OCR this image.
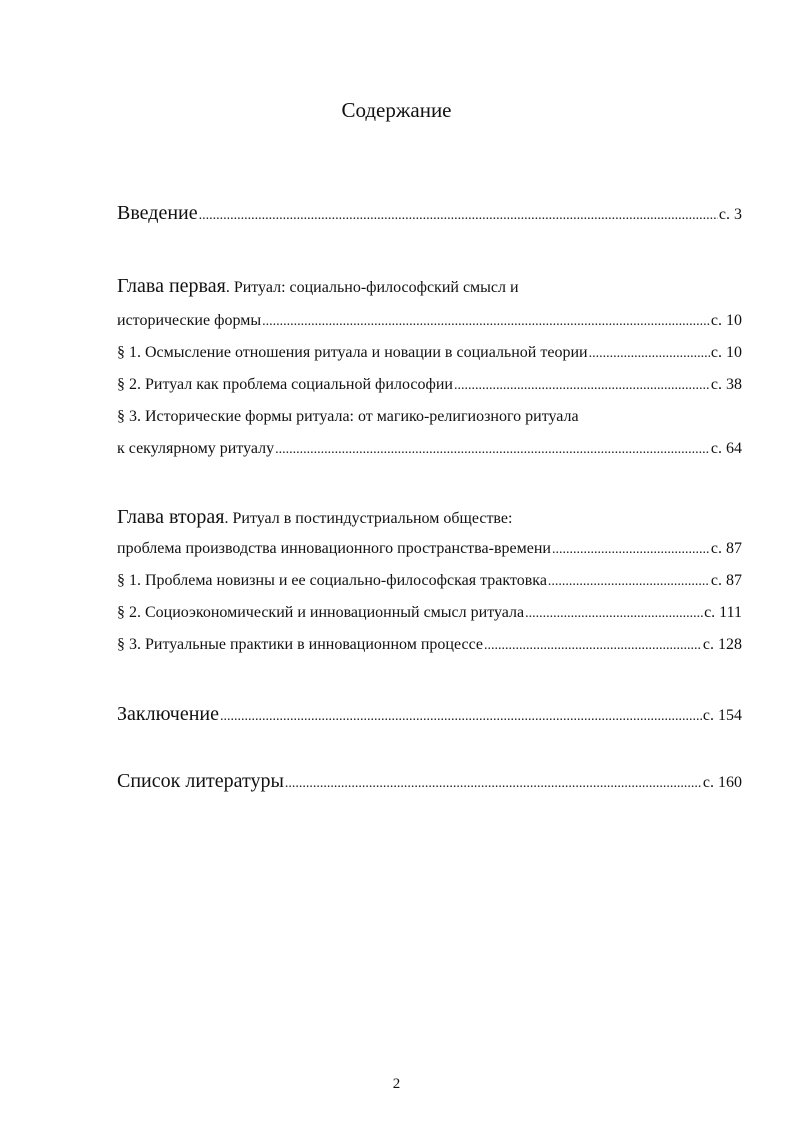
Содержание
Введение .....	с. 3
Глава первая. Ритуал: социально-философский смысл и
исторические формы .....	с. 10
§ 1. Осмысление отношения ритуала и новации в социальной теории .....	с. 10
§ 2. Ритуал как проблема социальной философии .....	с. 38
§ 3. Исторические формы ритуала: от магико-религиозного ритуала
к секулярному ритуалу .....	с. 64
Глава вторая. Ритуал в постиндустриальном обществе:
проблема производства инновационного пространства-времени .....	с. 87
§ 1. Проблема новизны и ее социально-философская трактовка .....	с. 87
§ 2. Социоэкономический и инновационный смысл ритуала .....	с. 111
§ 3. Ритуальные практики в инновационном процессе .....	с. 128
Заключение .....	с. 154
Список литературы .....	с. 160
2
